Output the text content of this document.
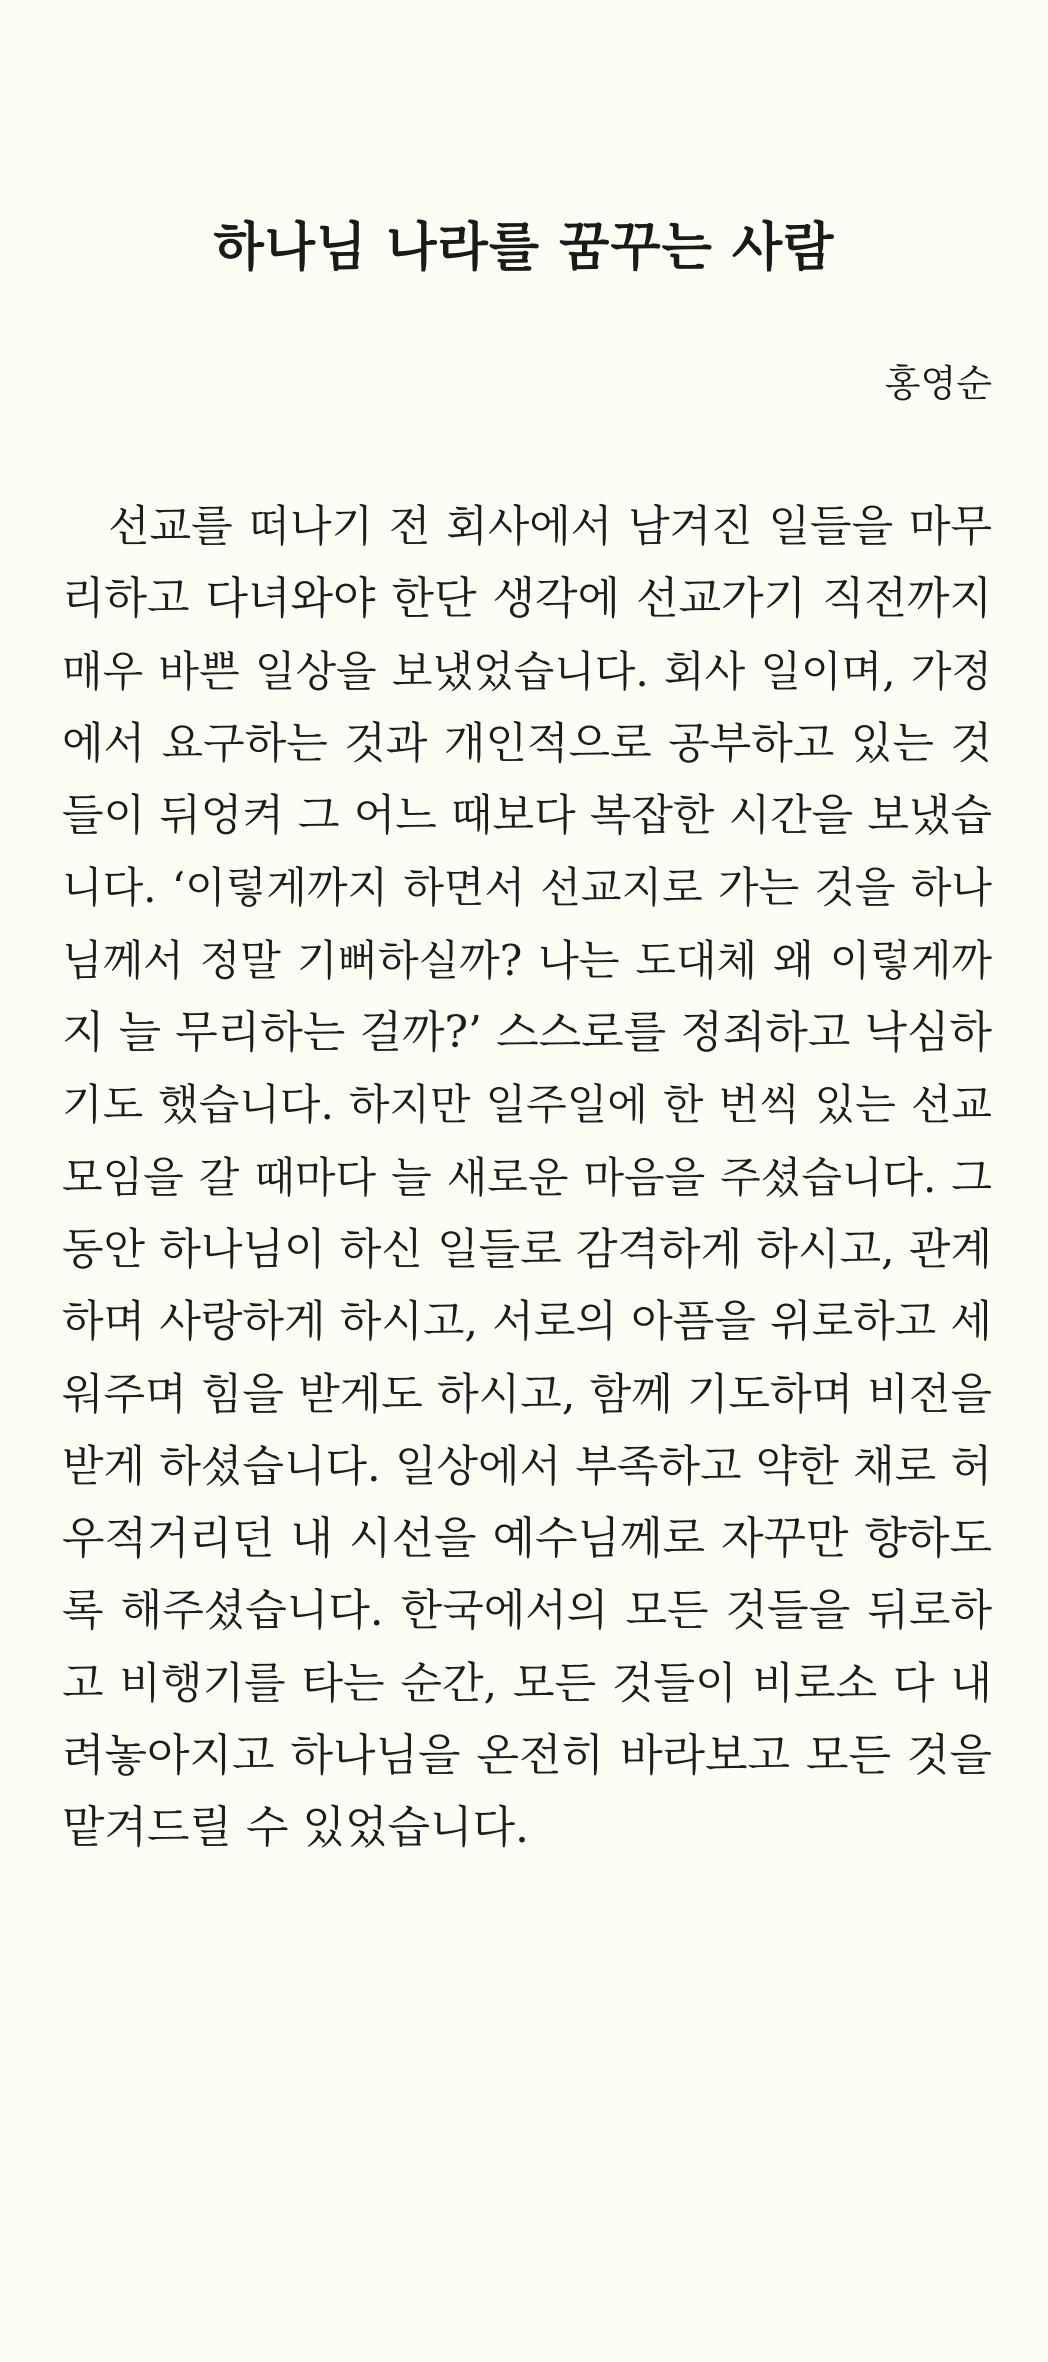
하나님 나라를 꿈꾸는 사람
홍영순
선교를 떠나기 전 회사에서 남겨진 일들을 마무
리하고 다녀와야 한단 생각에 선교가기 직전까지
매우 바쁜 일상을 보냈었습니다. 회사 일이며, 가정
에서 요구하는 것과 개인적으로 공부하고 있는 것
들이 뒤엉켜 그 어느 때보다 복잡한 시간을 보냈습
니다. ‘이렇게까지 하면서 선교지로 가는 것을 하나
님께서 정말 기뻐하실까? 나는 도대체 왜 이렇게까
지 늘 무리하는 걸까?’ 스스로를 정죄하고 낙심하
기도 했습니다. 하지만 일주일에 한 번씩 있는 선교
모임을 갈 때마다 늘 새로운 마음을 주셨습니다. 그
동안 하나님이 하신 일들로 감격하게 하시고, 관계
하며 사랑하게 하시고, 서로의 아픔을 위로하고 세
워주며 힘을 받게도 하시고, 함께 기도하며 비전을
받게 하셨습니다. 일상에서 부족하고 약한 채로 허
우적거리던 내 시선을 예수님께로 자꾸만 향하도
록 해주셨습니다. 한국에서의 모든 것들을 뒤로하
고 비행기를 타는 순간, 모든 것들이 비로소 다 내
려놓아지고 하나님을 온전히 바라보고 모든 것을
맡겨드릴 수 있었습니다.
